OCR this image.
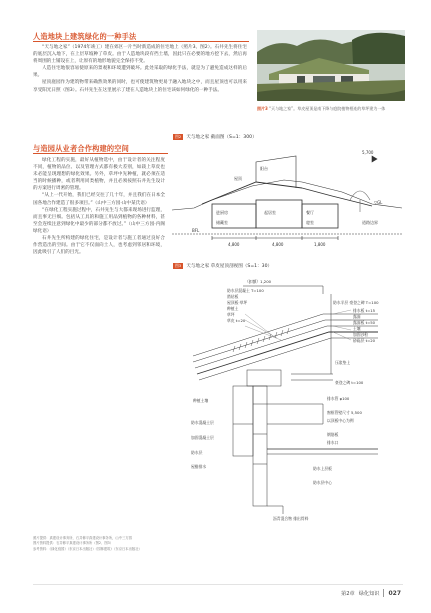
人造地块上建筑绿化的一种手法

“天与地之家”（1974年竣工）建在郊区一片当时新造成的住宅地上（照片3、图2）。石井先生将住宅的底层沉入地下，在上层草坡种了草皮。由于人造地块段有挡土墙，因此只在必要的地方挖下去，然后再将周围的土铺设在上，让原有的地形地貌完全保持不变。

人造住宅地很容易使原来的景观和环境遭到破坏。此处采取的绿化手法，就是为了避免造成这样的后果。

屋顶庭园作为建筑物带来确然效果的同时，也可使建筑物更易于融入地块之中，而且屋顶也可以用来享受阳光日照（图3）。石井先生在这里展示了建在人造地块上的住宅该如何绿化的一种手法。

照片3 “天与地之家”。草皮屋顶是南下降与庭院植物相连的草坪建为一体
与造园从业者合作构建的空间

绿化工程的实施，最好从植物选中，由于设计者的关注程度不同，植物的品位、以及管理方式都有极大差别，如栽上草皮也未必能呈现理想的绿化效果。另外，草坪中先种植，就必须在适当的时候播种，或者利用同类植物，并且必须按照石井先生设计的方案进行周密的管理。

“从上一代开始，我们已经交往了几十年，并且我们在日本全国各地合作建造了很多项目。”（山中三方园·山中某氏语）

“在绿化工程实施过程中，石井先生与大都来现场进行监理，而且事无巨细。包括从工具的和施工用品到植物的各种材料，甚至会连续注意到绿化中最少的部分都不放过。”（山中三方园·内阁绿化语）

石井先生所构建的绿化住宅，是设计者与施工者通过良好合作营造出的空间。由于它不仅面向土人，也考虑到邻居和环境，因此吸引了人们的目光。

图2	天与地之家 截面图（S=1：300）
屋顶
阳台
起居室	餐厅
进厨房
储藏室	寝室
BFL
道路边界
5,700
4,800	4,800	1,800
▽GL
图3	天与地之家 草皮屋顶剖视图（S=1：30）
（扣额）1,200
防水层混凝土 T=100
凿钻板
屋顶板·草坪
种植土
草坪
草皮 t=20
种植土壤
防水混凝土层
加固混凝土层
防水层
屋檐排水
防水半层 豪登之碑 T=100
排水板 t=15
露面
露面板 t=50
土壤
加固沙粒
砂砾层 t=20
压浆垫上
豪登之碑 t=100
排水管 φ100
窗框管壁尺寸 5,500
以顶板中心为例
钢筋板
排水口
防水上层板
防水层中心
沥青混合物 排出骨料
照片提供：真建设计事务所，石井修平真建设计事务所，山中三方园
图片资料提供：石井修平真建设计事务所（图2、图3）
参考资料：《绿化庭园》（东京日本出版社）《园林建筑》（东京日本出版社）
第2章 绿化知识 027
